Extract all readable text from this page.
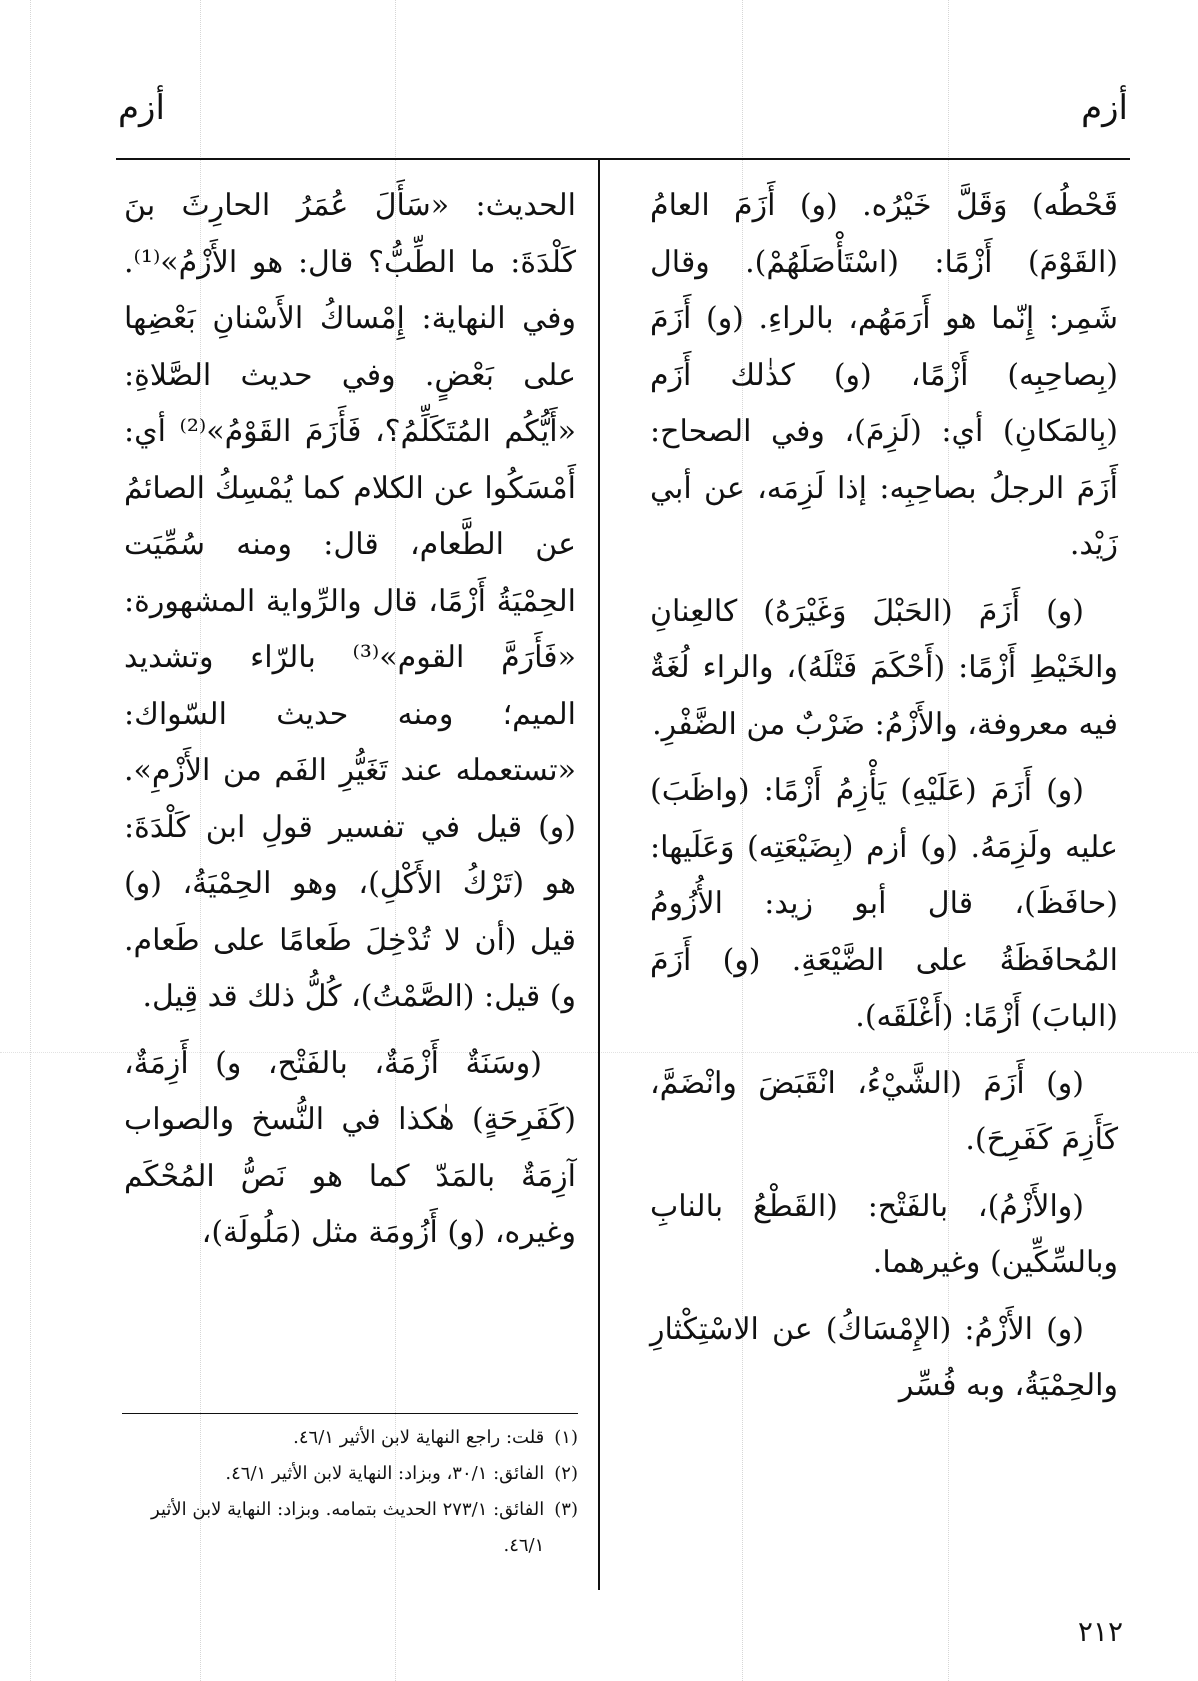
أزم
أزم

قَحْطُه) وَقَلَّ خَيْرُه. (و) أَزَمَ العامُ (القَوْمَ) أَزْمًا: (اسْتَأْصَلَهُمْ). وقال شَمِر: إِنّما هو أَرَمَهُم، بالراءِ. (و) أَزَمَ (بِصاحِبِه) أَزْمًا، (و) كذٰلك أَزَم (بِالمَكانِ) أي: (لَزِمَ)، وفي الصحاح: أَزَمَ الرجلُ بصاحِبِه: إذا لَزِمَه، عن أبي زَيْد.

(و) أَزَمَ (الحَبْلَ وَغَيْرَهُ) كالعِنانِ والخَيْطِ أَزْمًا: (أَحْكَمَ فَتْلَهُ)، والراء لُغَةٌ فيه معروفة، والأَزْمُ: ضَرْبٌ من الضَّفْرِ.

(و) أَزَمَ (عَلَيْهِ) يَأْزِمُ أَزْمًا: (واظَبَ) عليه ولَزِمَهُ. (و) أزم (بِضَيْعَتِه) وَعَلَيها: (حافَظَ)، قال أبو زيد: الأُزُومُ المُحافَظَةُ على الضَّيْعَةِ. (و) أَزَمَ (البابَ) أَزْمًا: (أَغْلَقَه).

(و) أَزَمَ (الشَّيْءُ، انْقَبَضَ وانْضَمَّ، كَأَزِمَ كَفَرِحَ).

(والأَزْمُ)، بالفَتْح: (القَطْعُ بالنابِ وبالسِّكِّين) وغيرهما.

(و) الأَزْمُ: (الإِمْسَاكُ) عن الاسْتِكْثارِ والحِمْيَةُ، وبه فُسِّر

الحديث: «سَأَلَ عُمَرُ الحارِثَ بنَ كَلْدَةَ: ما الطِّبُّ؟ قال: هو الأَزْمُ»⁽¹⁾. وفي النهاية: إِمْساكُ الأَسْنانِ بَعْضِها على بَعْضٍ. وفي حديث الصَّلاةِ: «أَيُّكُم المُتَكَلِّمُ؟، فَأَزَمَ القَوْمُ»⁽²⁾ أي: أَمْسَكُوا عن الكلام كما يُمْسِكُ الصائمُ عن الطَّعام، قال: ومنه سُمِّيَت الحِمْيَةُ أَزْمًا، قال والرِّواية المشهورة: «فَأَرَمَّ القوم»⁽³⁾ بالرّاء وتشديد الميم؛ ومنه حديث السّواك: «تستعمله عند تَغَيُّرِ الفَم من الأَزْمِ». (و) قيل في تفسير قولِ ابن كَلْدَةَ: هو (تَرْكُ الأَكْلِ)، وهو الحِمْيَةُ، (و) قيل (أن لا تُدْخِلَ طَعامًا على طَعام. و) قيل: (الصَّمْتُ)، كُلُّ ذلك قد قِيل.

(وسَنَةٌ أَزْمَةٌ، بالفَتْح، و) أَزِمَةٌ، (كَفَرِحَةٍ) هٰكذا في النُّسخ والصواب آزِمَةٌ بالمَدّ كما هو نَصُّ المُحْكَم وغيره، (و) أَزُومَة مثل (مَلُولَة)،

(١)
قلت: راجع النهاية لابن الأثير ٤٦/١.
(٢)
الفائق: ٣٠/١، وبزاد: النهاية لابن الأثير ٤٦/١.
(٣)
الفائق: ٢٧٣/١ الحديث بتمامه. وبزاد: النهاية لابن الأثير ٤٦/١.
٢١٢
